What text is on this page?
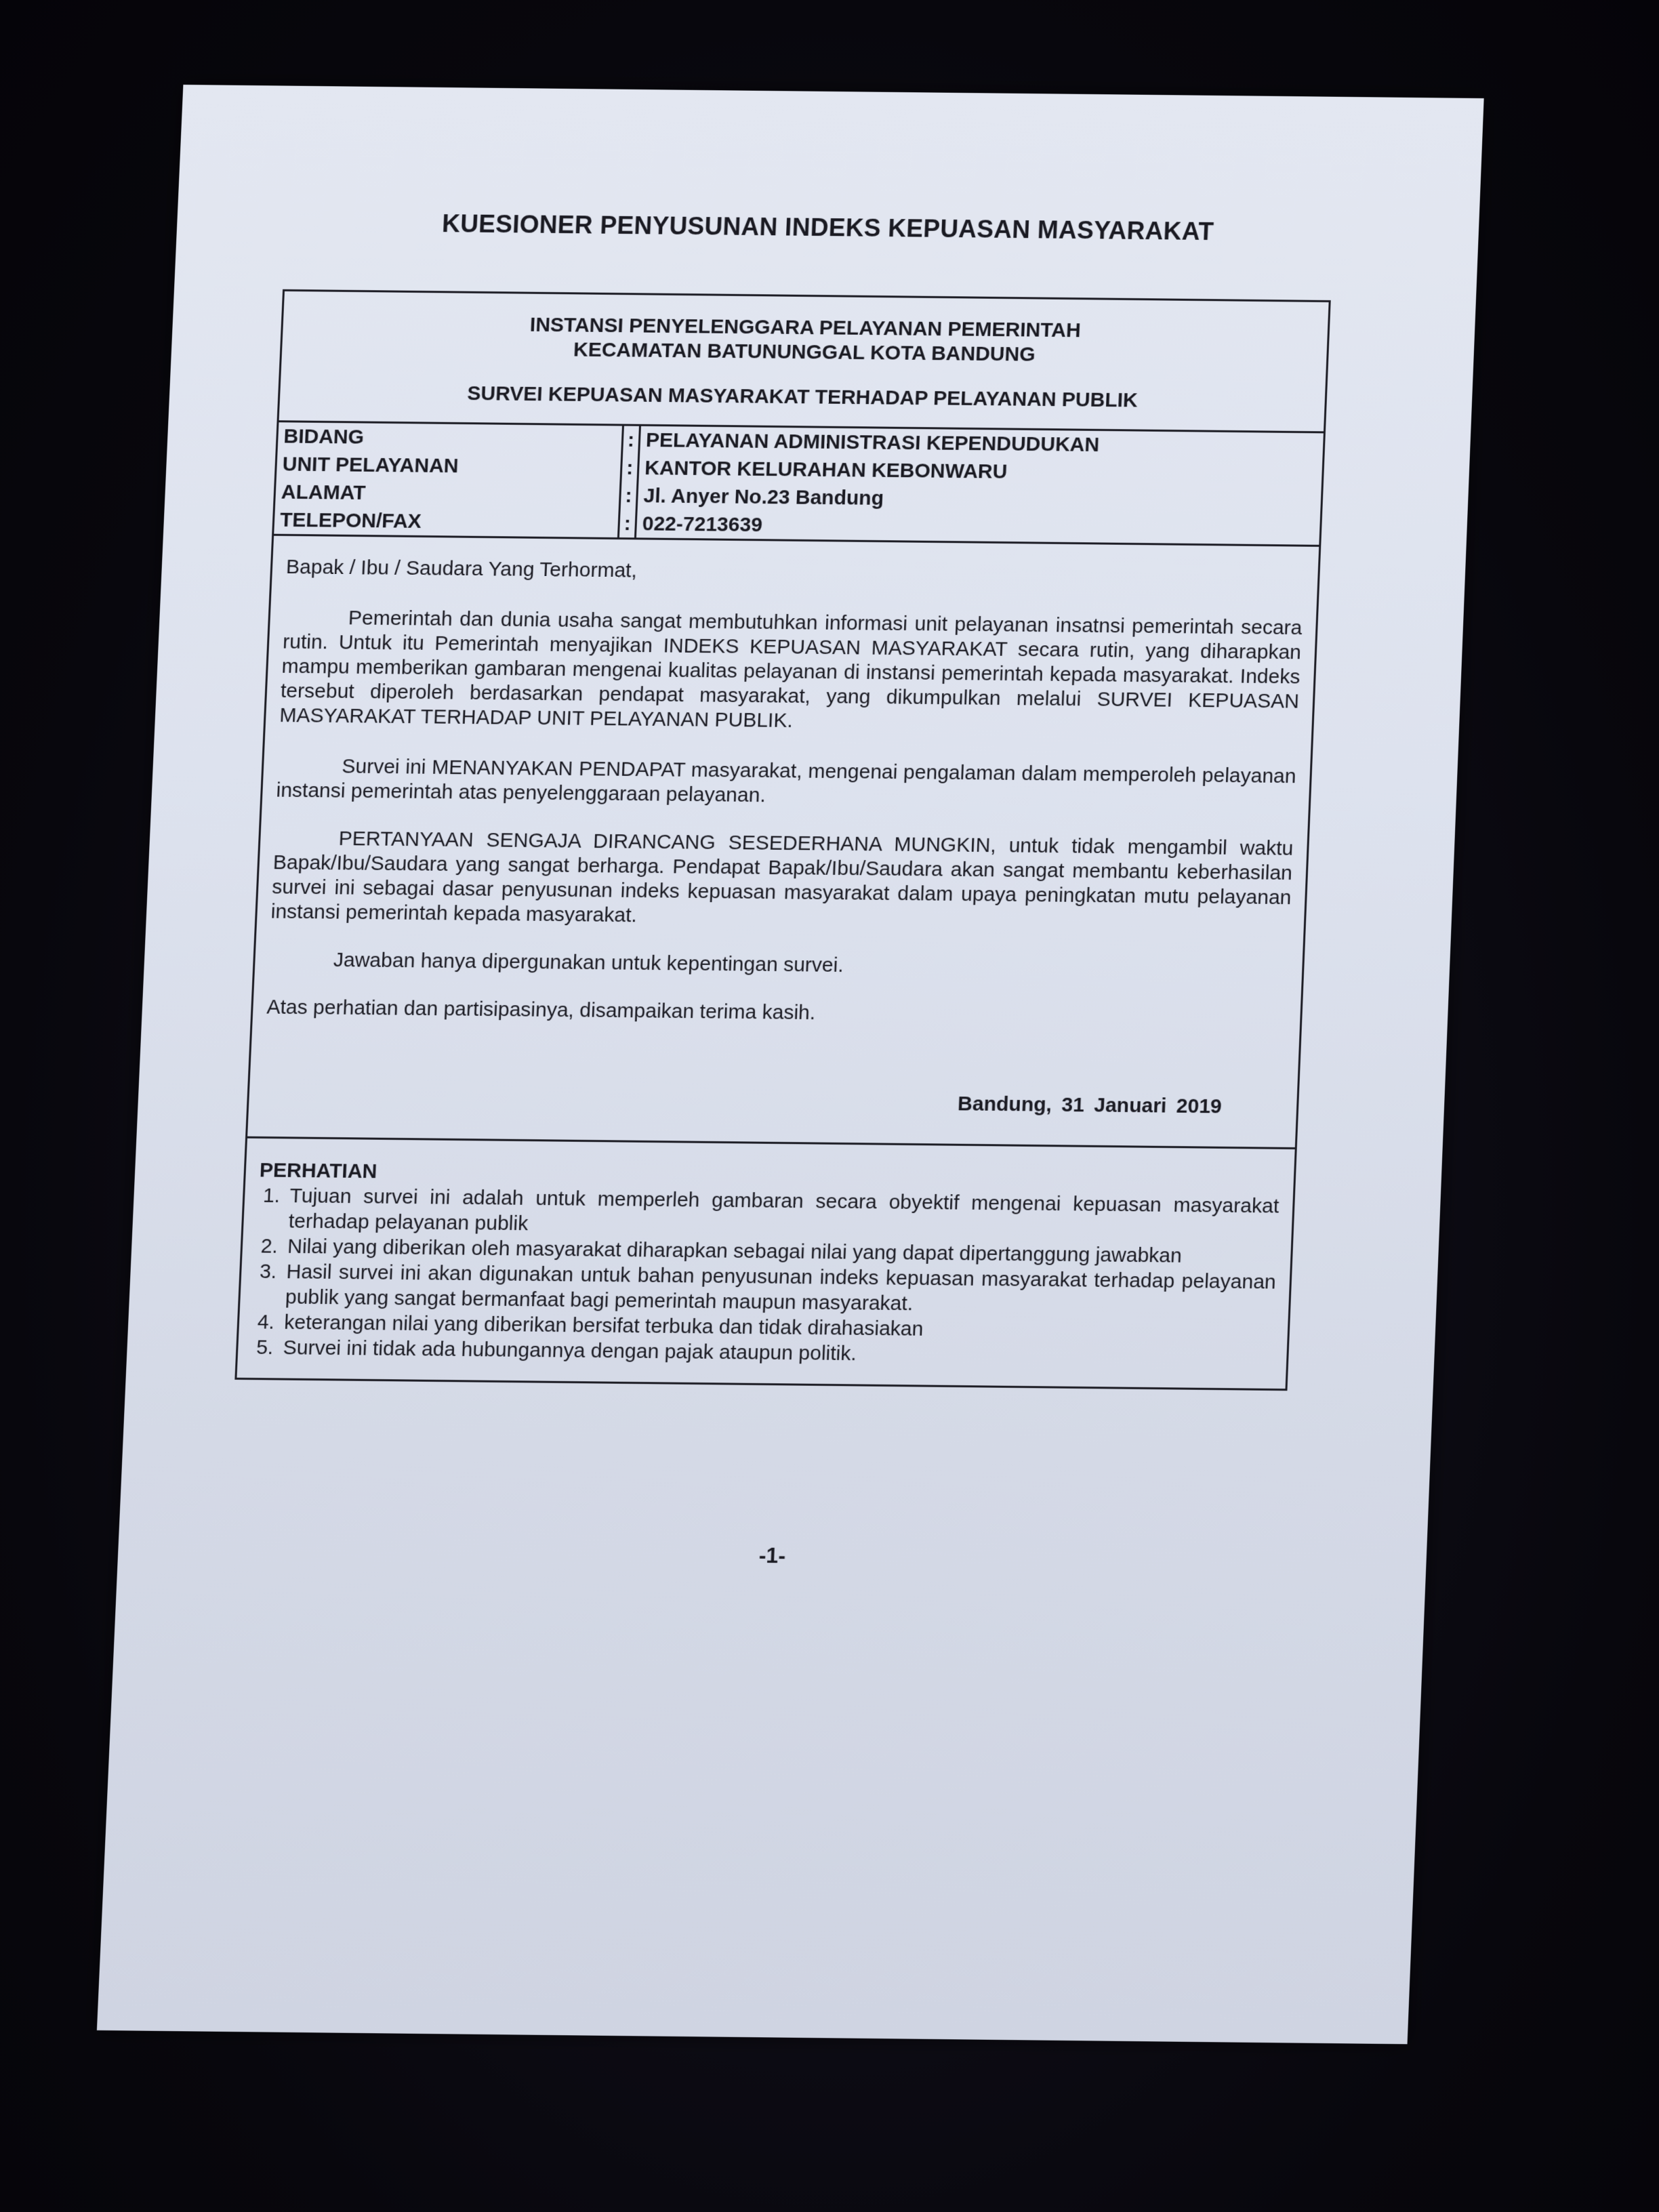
KUESIONER PENYUSUNAN INDEKS KEPUASAN MASYARAKAT
INSTANSI PENYELENGGARA PELAYANAN PEMERINTAH
KECAMATAN BATUNUNGGAL KOTA BANDUNG
SURVEI KEPUASAN MASYARAKAT TERHADAP PELAYANAN PUBLIK
BIDANG	:	PELAYANAN ADMINISTRASI KEPENDUDUKAN
UNIT PELAYANAN	:	KANTOR KELURAHAN KEBONWARU
ALAMAT	:	Jl. Anyer No.23 Bandung
TELEPON/FAX	:	022-7213639

Bapak / Ibu / Saudara Yang Terhormat,

Pemerintah dan dunia usaha sangat membutuhkan informasi unit pelayanan insatnsi pemerintah secara rutin. Untuk itu Pemerintah menyajikan INDEKS KEPUASAN MASYARAKAT secara rutin, yang diharapkan mampu memberikan gambaran mengenai kualitas pelayanan di instansi pemerintah kepada masyarakat. Indeks tersebut diperoleh berdasarkan pendapat masyarakat, yang dikumpulkan melalui SURVEI KEPUASAN MASYARAKAT TERHADAP UNIT PELAYANAN PUBLIK.

Survei ini MENANYAKAN PENDAPAT masyarakat, mengenai pengalaman dalam memperoleh pelayanan instansi pemerintah atas penyelenggaraan pelayanan.

PERTANYAAN SENGAJA DIRANCANG SESEDERHANA MUNGKIN, untuk tidak mengambil waktu Bapak/Ibu/Saudara yang sangat berharga. Pendapat Bapak/Ibu/Saudara akan sangat membantu keberhasilan survei ini sebagai dasar penyusunan indeks kepuasan masyarakat dalam upaya peningkatan mutu pelayanan instansi pemerintah kepada masyarakat.

Jawaban hanya dipergunakan untuk kepentingan survei.

Atas perhatian dan partisipasinya, disampaikan terima kasih.

Bandung, 31 Januari 2019
PERHATIAN
1. Tujuan survei ini adalah untuk memperleh gambaran secara obyektif mengenai kepuasan masyarakat terhadap pelayanan publik
2. Nilai yang diberikan oleh masyarakat diharapkan sebagai nilai yang dapat dipertanggung jawabkan
3. Hasil survei ini akan digunakan untuk bahan penyusunan indeks kepuasan masyarakat terhadap pelayanan publik yang sangat bermanfaat bagi pemerintah maupun masyarakat.
4. keterangan nilai yang diberikan bersifat terbuka dan tidak dirahasiakan
5. Survei ini tidak ada hubungannya dengan pajak ataupun politik.
-1-
